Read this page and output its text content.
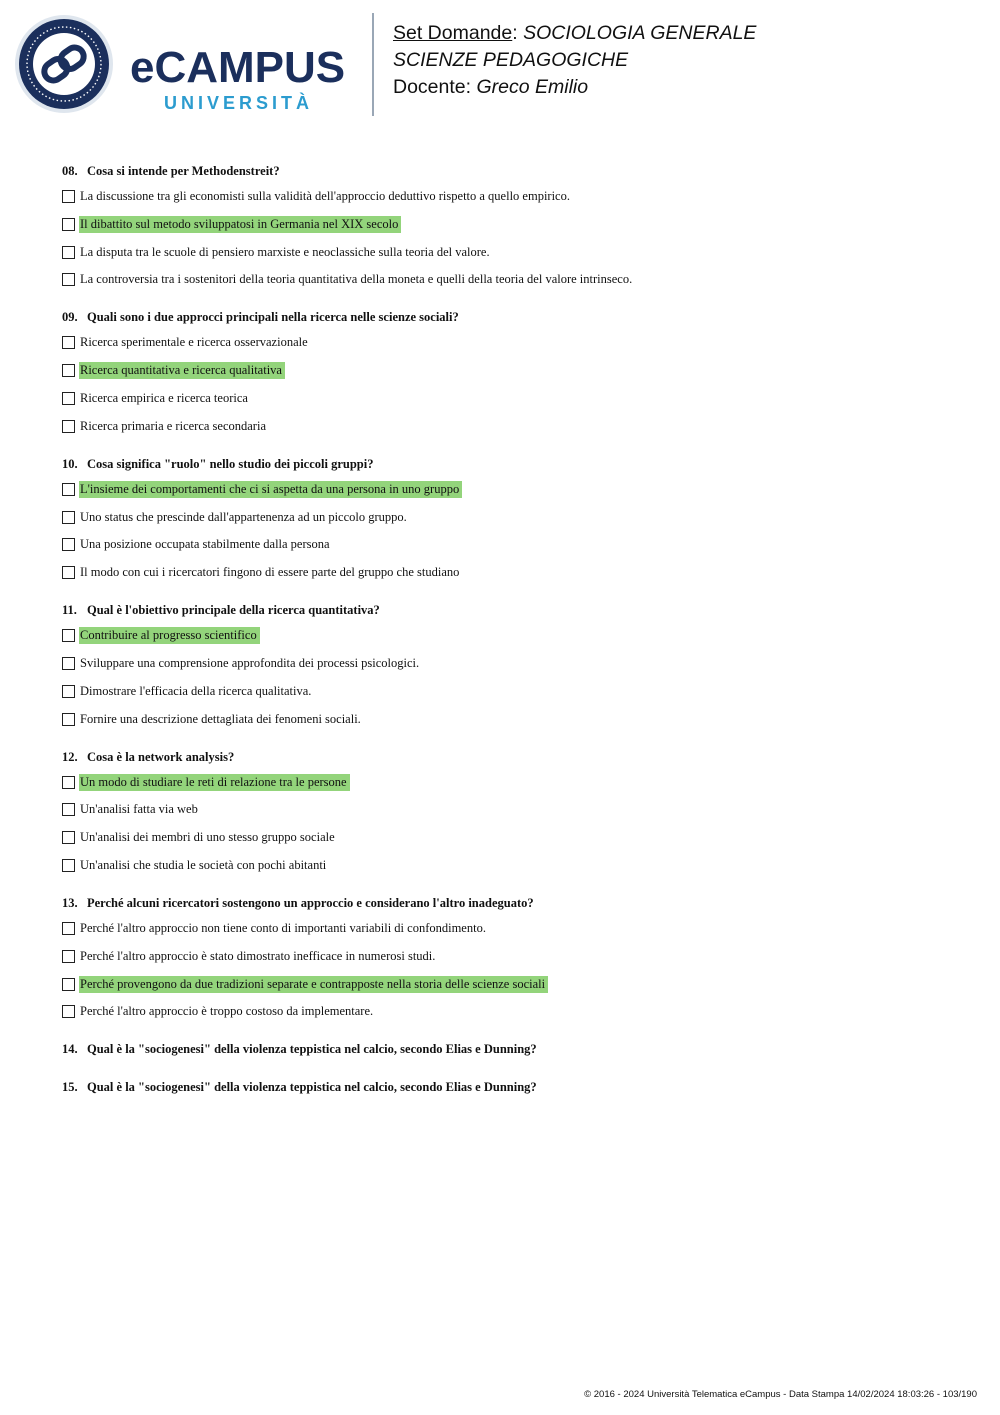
eCAMPUS
UNIVERSITÀ
Set Domande: SOCIOLOGIA GENERALE
SCIENZE PEDAGOGICHE
Docente: Greco Emilio
08. Cosa si intende per Methodenstreit?
La discussione tra gli economisti sulla validità dell'approccio deduttivo rispetto a quello empirico.
Il dibattito sul metodo sviluppatosi in Germania nel XIX secolo
La disputa tra le scuole di pensiero marxiste e neoclassiche sulla teoria del valore.
La controversia tra i sostenitori della teoria quantitativa della moneta e quelli della teoria del valore intrinseco.
09. Quali sono i due approcci principali nella ricerca nelle scienze sociali?
Ricerca sperimentale e ricerca osservazionale
Ricerca quantitativa e ricerca qualitativa
Ricerca empirica e ricerca teorica
Ricerca primaria e ricerca secondaria
10. Cosa significa "ruolo" nello studio dei piccoli gruppi?
L'insieme dei comportamenti che ci si aspetta da una persona in uno gruppo
Uno status che prescinde dall'appartenenza ad un piccolo gruppo.
Una posizione occupata stabilmente dalla persona
Il modo con cui i ricercatori fingono di essere parte del gruppo che studiano
11. Qual è l'obiettivo principale della ricerca quantitativa?
Contribuire al progresso scientifico
Sviluppare una comprensione approfondita dei processi psicologici.
Dimostrare l'efficacia della ricerca qualitativa.
Fornire una descrizione dettagliata dei fenomeni sociali.
12. Cosa è la network analysis?
Un modo di studiare le reti di relazione tra le persone
Un'analisi fatta via web
Un'analisi dei membri di uno stesso gruppo sociale
Un'analisi che studia le società con pochi abitanti
13. Perché alcuni ricercatori sostengono un approccio e considerano l'altro inadeguato?
Perché l'altro approccio non tiene conto di importanti variabili di confondimento.
Perché l'altro approccio è stato dimostrato inefficace in numerosi studi.
Perché provengono da due tradizioni separate e contrapposte nella storia delle scienze sociali
Perché l'altro approccio è troppo costoso da implementare.
14. Qual è la "sociogenesi" della violenza teppistica nel calcio, secondo Elias e Dunning?
15. Qual è la "sociogenesi" della violenza teppistica nel calcio, secondo Elias e Dunning?
© 2016 - 2024 Università Telematica eCampus - Data Stampa 14/02/2024 18:03:26 - 103/190
